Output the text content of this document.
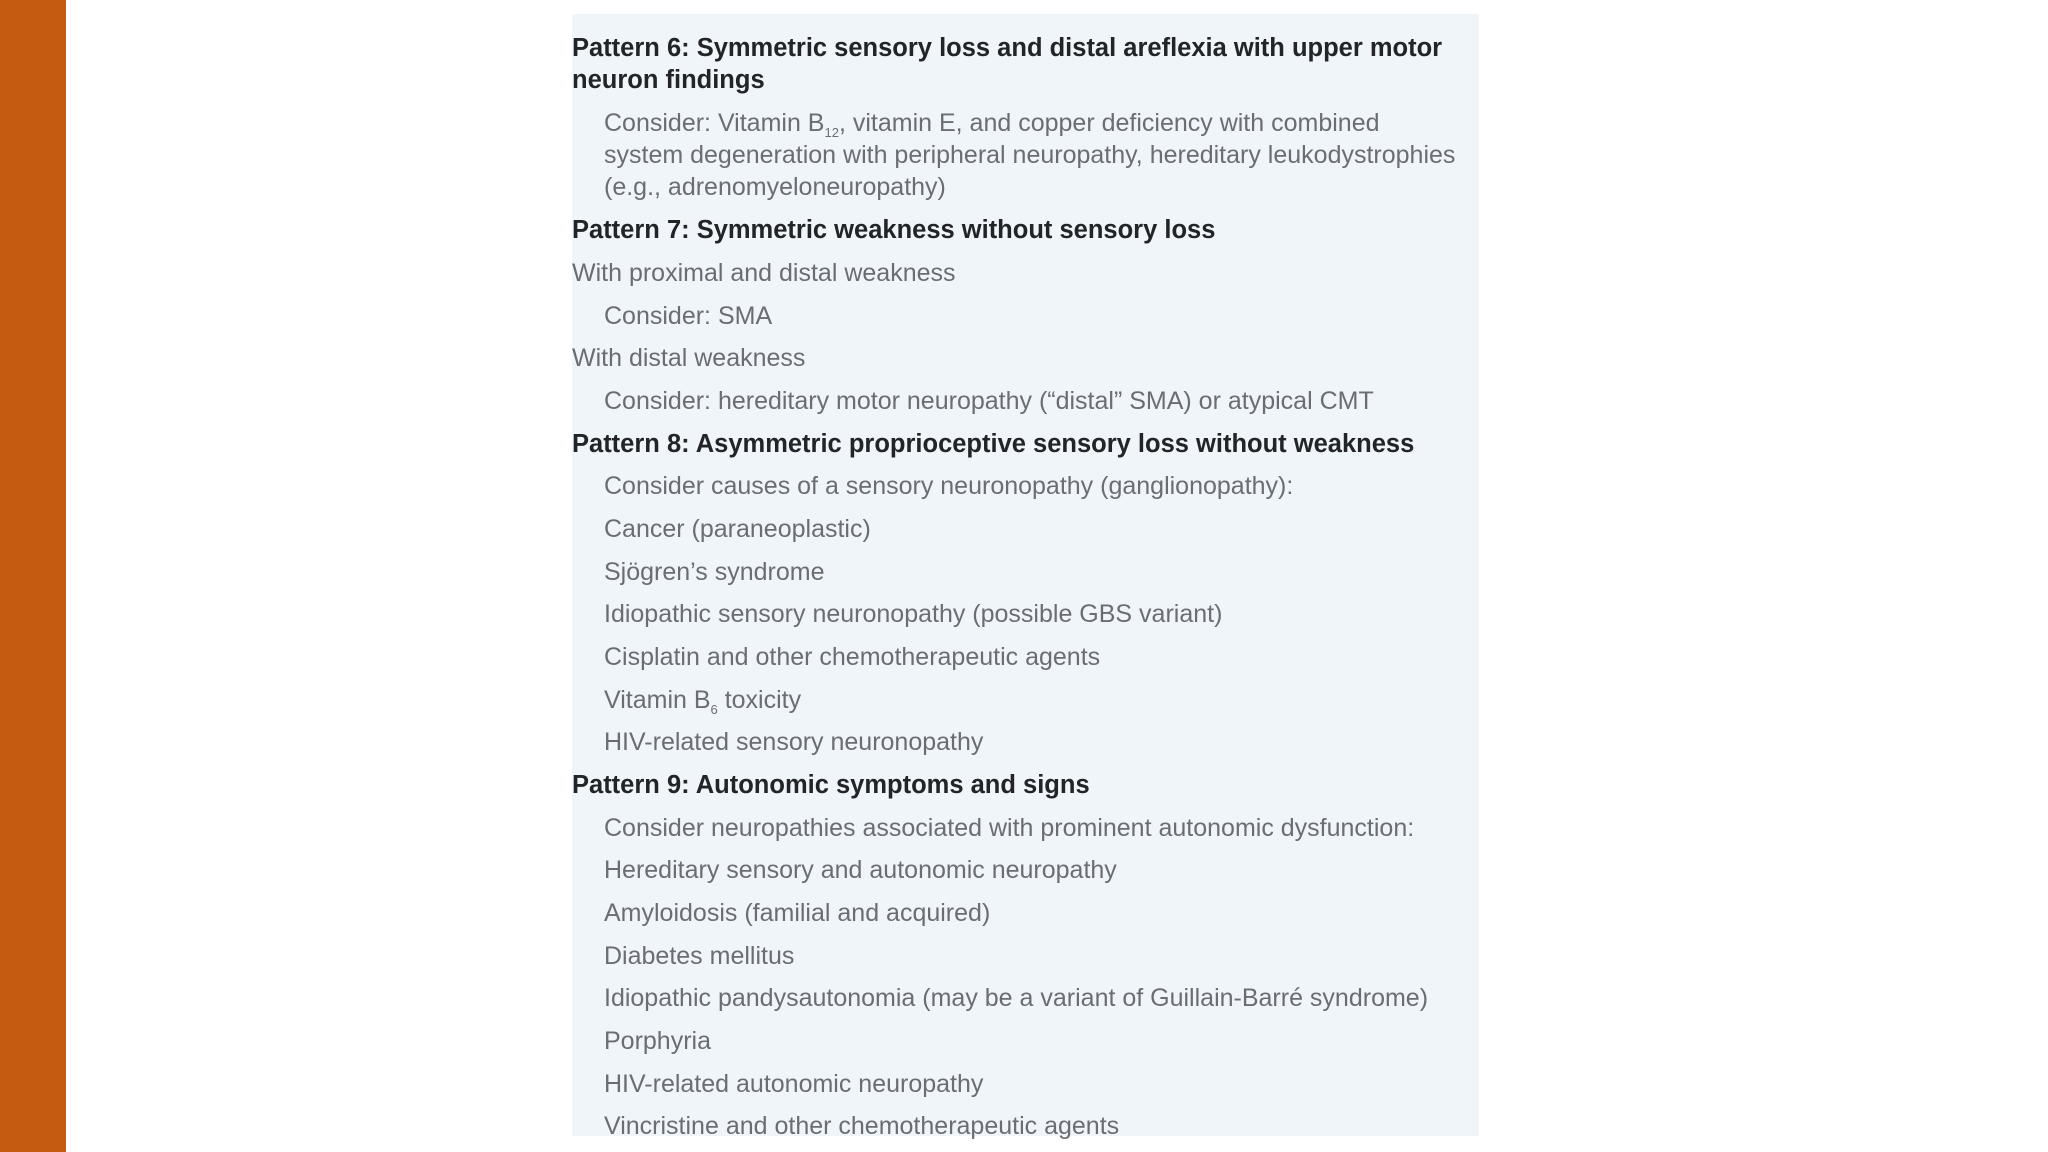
Pattern 6: Symmetric sensory loss and distal areflexia with upper motor
neuron findings
Consider: Vitamin $B_{12}$, vitamin E, and copper deficiency with combined
system degeneration with peripheral neuropathy, hereditary leukodystrophies
(e.g., adrenomyeloneuropathy)
Pattern 7: Symmetric weakness without sensory loss
With proximal and distal weakness
Consider: SMA
With distal weakness
Consider: hereditary motor neuropathy (“distal” SMA) or atypical CMT
Pattern 8: Asymmetric proprioceptive sensory loss without weakness
Consider causes of a sensory neuronopathy (ganglionopathy):
Cancer (paraneoplastic)
Sjögren’s syndrome
Idiopathic sensory neuronopathy (possible GBS variant)
Cisplatin and other chemotherapeutic agents
Vitamin $B_6$ toxicity
HIV-related sensory neuronopathy
Pattern 9: Autonomic symptoms and signs
Consider neuropathies associated with prominent autonomic dysfunction:
Hereditary sensory and autonomic neuropathy
Amyloidosis (familial and acquired)
Diabetes mellitus
Idiopathic pandysautonomia (may be a variant of Guillain-Barré syndrome)
Porphyria
HIV-related autonomic neuropathy
Vincristine and other chemotherapeutic agents
